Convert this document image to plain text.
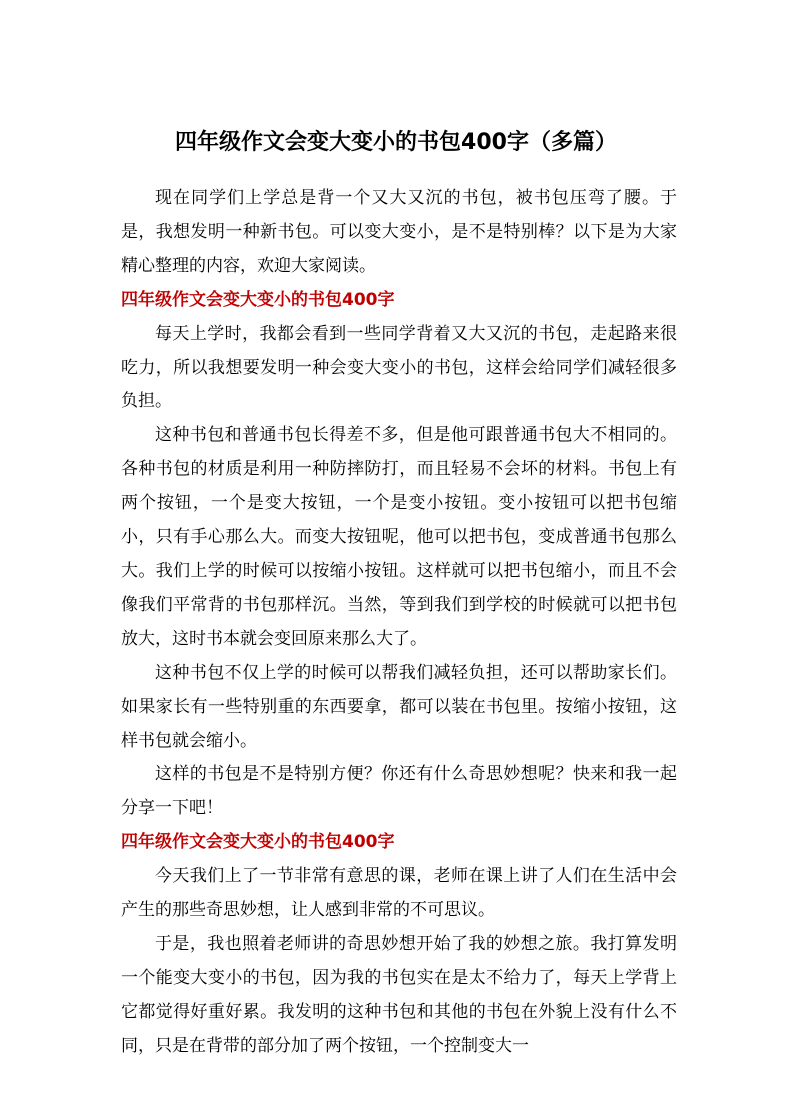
四年级作文会变大变小的书包400字（多篇）

现在同学们上学总是背一个又大又沉的书包，被书包压弯了腰。于是，我想发明一种新书包。可以变大变小，是不是特别棒？以下是为大家精心整理的内容，欢迎大家阅读。

四年级作文会变大变小的书包400字

每天上学时，我都会看到一些同学背着又大又沉的书包，走起路来很吃力，所以我想要发明一种会变大变小的书包，这样会给同学们减轻很多负担。

这种书包和普通书包长得差不多，但是他可跟普通书包大不相同的。各种书包的材质是利用一种防摔防打，而且轻易不会坏的材料。书包上有两个按钮，一个是变大按钮，一个是变小按钮。变小按钮可以把书包缩小，只有手心那么大。而变大按钮呢，他可以把书包，变成普通书包那么大。我们上学的时候可以按缩小按钮。这样就可以把书包缩小，而且不会像我们平常背的书包那样沉。当然，等到我们到学校的时候就可以把书包放大，这时书本就会变回原来那么大了。

这种书包不仅上学的时候可以帮我们减轻负担，还可以帮助家长们。如果家长有一些特别重的东西要拿，都可以装在书包里。按缩小按钮，这样书包就会缩小。

这样的书包是不是特别方便？你还有什么奇思妙想呢？快来和我一起分享一下吧！

四年级作文会变大变小的书包400字

今天我们上了一节非常有意思的课，老师在课上讲了人们在生活中会产生的那些奇思妙想，让人感到非常的不可思议。

于是，我也照着老师讲的奇思妙想开始了我的妙想之旅。我打算发明一个能变大变小的书包，因为我的书包实在是太不给力了，每天上学背上它都觉得好重好累。我发明的这种书包和其他的书包在外貌上没有什么不同，只是在背带的部分加了两个按钮，一个控制变大一
